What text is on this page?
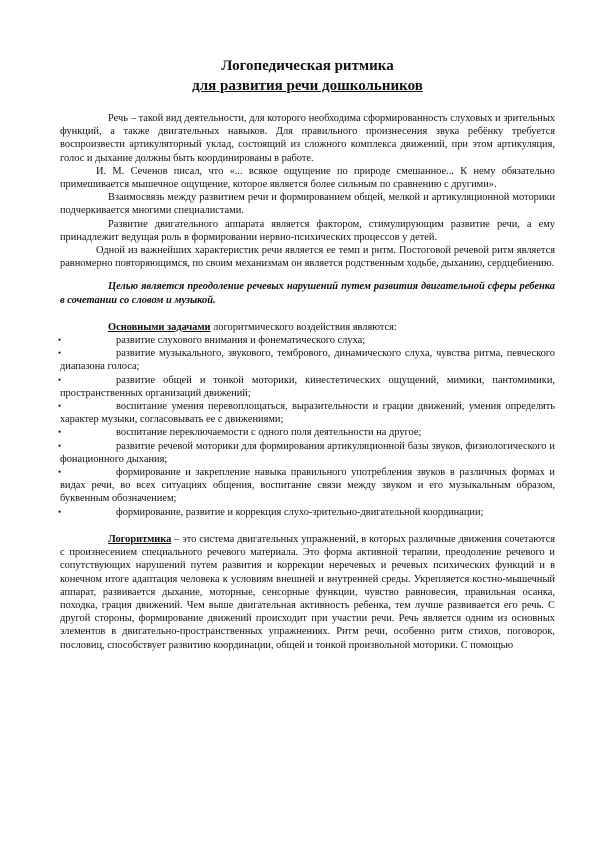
Логопедическая ритмика
для развития речи дошкольников

Речь – такой вид деятельности, для которого необходима сформированность слуховых и зрительных функций, а также двигательных навыков. Для правильного произнесения звука ребёнку требуется воспроизвести артикуляторный уклад, состоящий из сложного комплекса движений, при этом артикуляция, голос и дыхание должны быть координированы в работе.

И. М. Сеченов писал, что «... всякое ощущение по природе смешанное... К нему обязательно примешивается мышечное ощущение, которое является более сильным по сравнению с другими».

Взаимосвязь между развитием речи и формированием общей, мелкой и артикуляционной моторики подчеркивается многими специалистами.

Развитие двигательного аппарата является фактором, стимулирующим развитие речи, а ему принадлежит ведущая роль в формировании нервно-психических процессов у детей.

Одной из важнейших характеристик речи является ее темп и ритм. Постоговой речевой ритм является равномерно повторяющимся, по своим механизмам он является родственным ходьбе, дыханию, сердцебиению.

Целью является преодоление речевых нарушений путем развития двигательной сферы ребенка в сочетании со словом и музыкой.

Основными задачами логоритмического воздействия являются:

•	развитие слухового внимания и фонематического слуха;
•	развитие музыкального, звукового, тембрового, динамического слуха, чувства ритма, певческого диапазона голоса;
•	развитие общей и тонкой моторики, кинестетических ощущений, мимики, пантомимики, пространственных организаций движений;
•	воспитание умения перевоплощаться, выразительности и грации движений, умения определять характер музыки, согласовывать ее с движениями;
•	воспитание переключаемости с одного поля деятельности на другое;
•	развитие речевой моторики для формирования артикуляционной базы звуков, физиологического и фонационного дыхания;
•	формирование и закрепление навыка правильного употребления звуков в различных формах и видах речи, во всех ситуациях общения, воспитание связи между звуком и его музыкальным образом, буквенным обозначением;
•	формирование, развитие и коррекция слухо-зрительно-двигательной координации;

Логоритмика – это система двигательных упражнений, в которых различные движения сочетаются с произнесением специального речевого материала. Это форма активной терапии, преодоление речевого и сопутствующих нарушений путем развития и коррекции неречевых и речевых психических функций и в конечном итоге адаптация человека к условиям внешней и внутренней среды. Укрепляется костно-мышечный аппарат, развивается дыхание, моторные, сенсорные функции, чувство равновесия, правильная осанка, походка, грация движений. Чем выше двигательная активность ребенка, тем лучше развивается его речь. С другой стороны, формирование движений происходит при участии речи. Речь является одним из основных элементов в двигательно-пространственных упражнениях. Ритм речи, особенно ритм стихов, поговорок, пословиц, способствует развитию координации, общей и тонкой произвольной моторики. С помощью
